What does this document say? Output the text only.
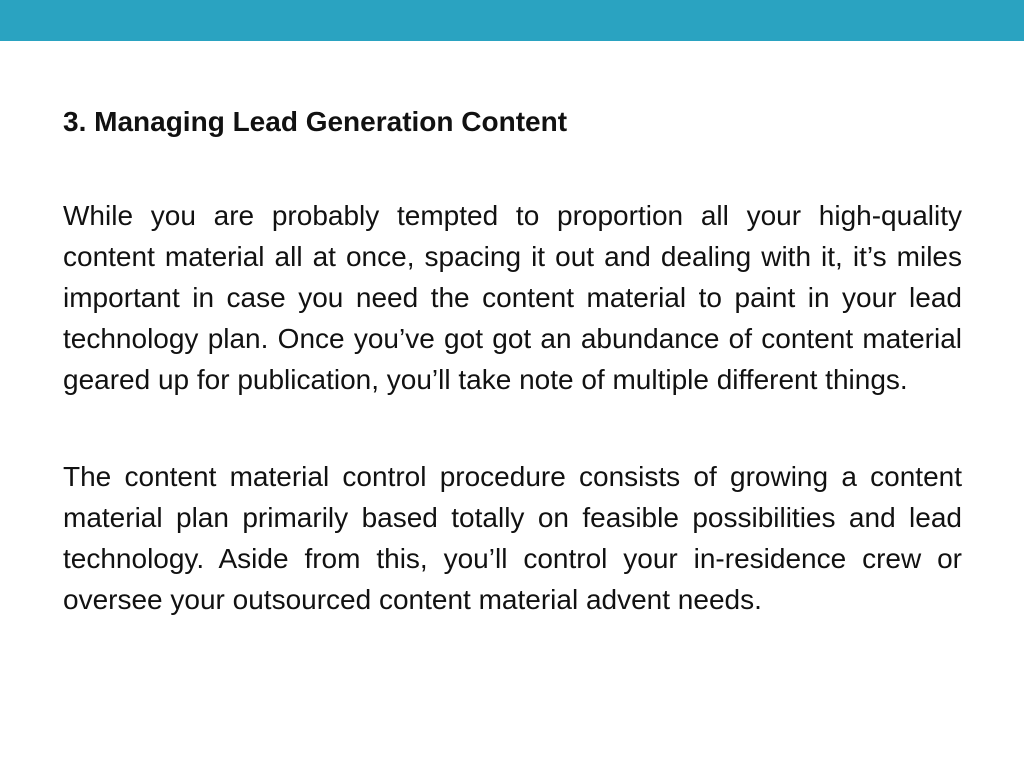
3. Managing Lead Generation Content

While you are probably tempted to proportion all your high-quality content material all at once, spacing it out and dealing with it, it’s miles important in case you need the content material to paint in your lead technology plan. Once you’ve got got an abundance of content material geared up for publication, you’ll take note of multiple different things.

The content material control procedure consists of growing a content material plan primarily based totally on feasible possibilities and lead technology. Aside from this, you’ll control your in-residence crew or oversee your outsourced content material advent needs.
